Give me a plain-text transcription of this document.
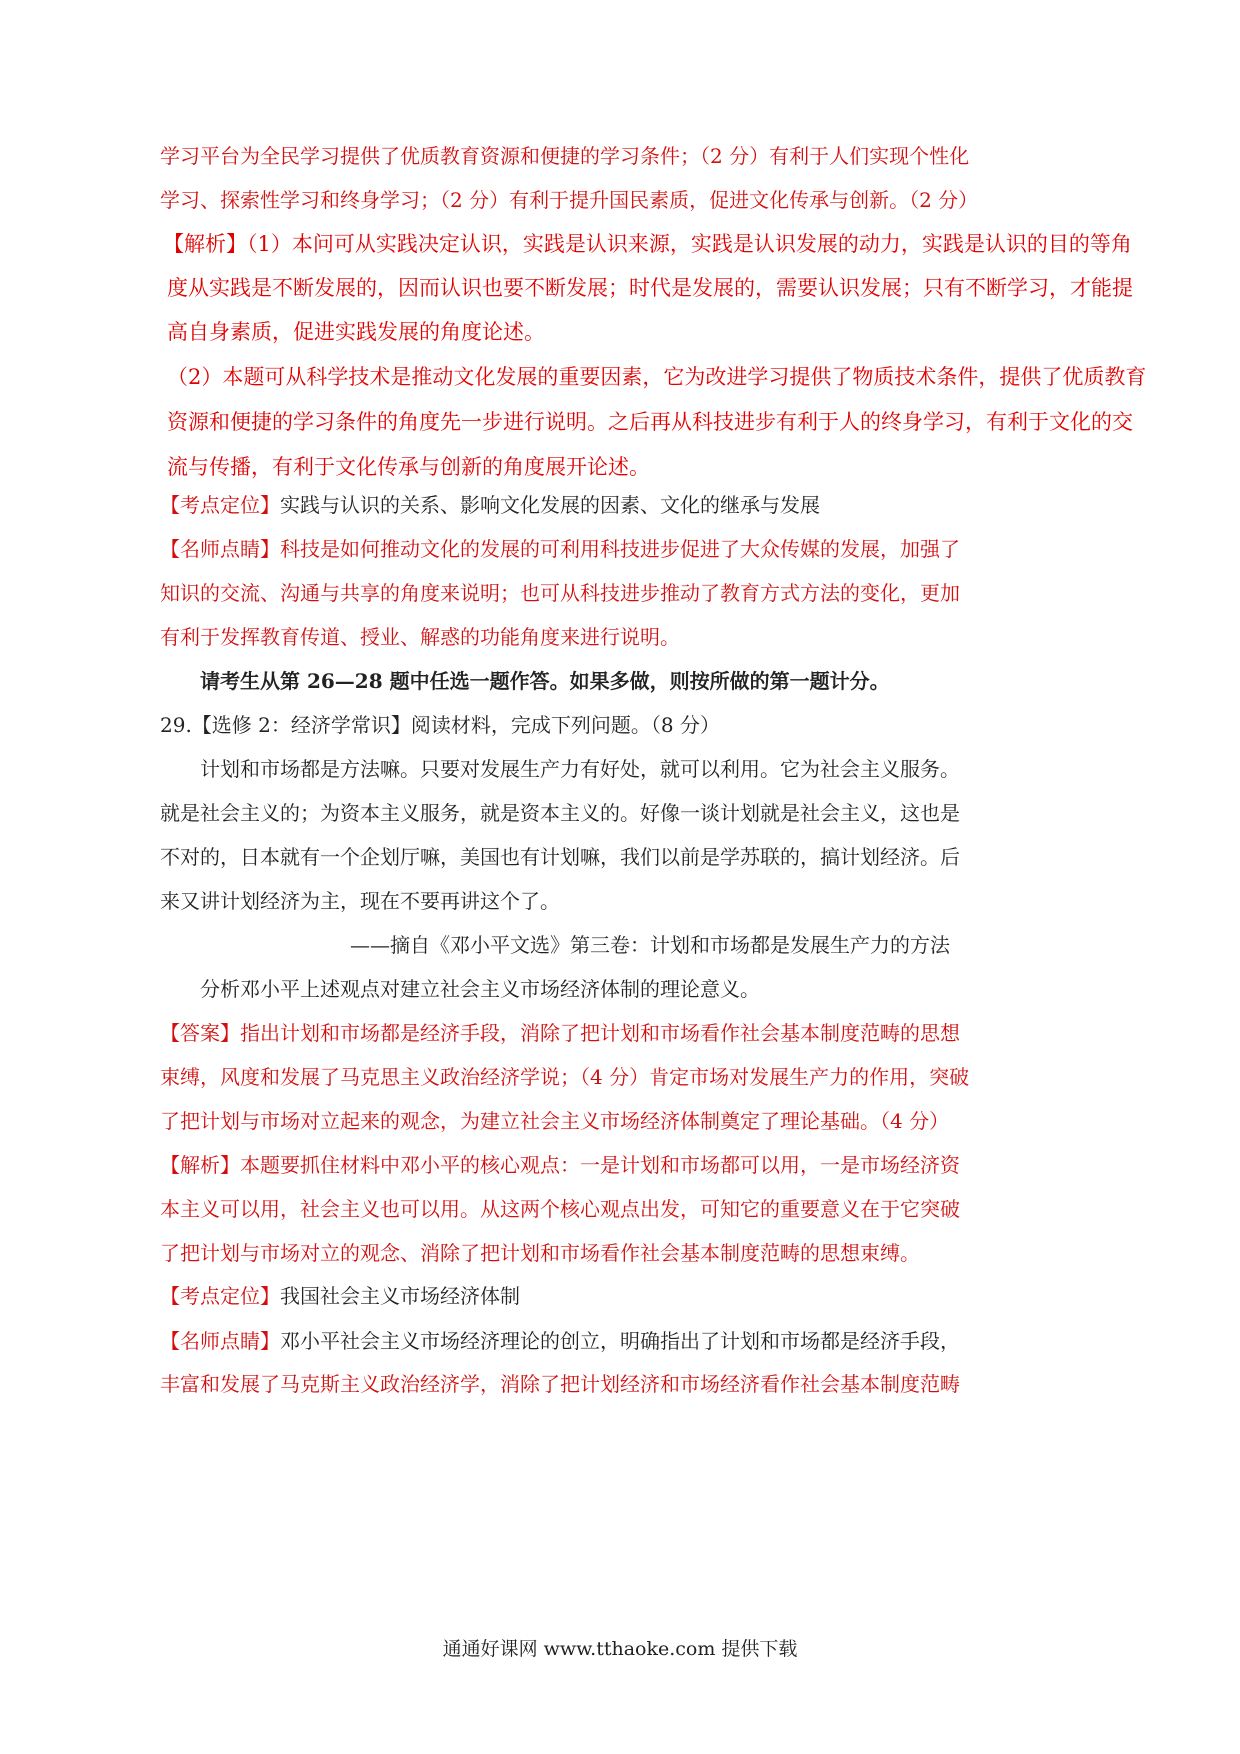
学习平台为全民学习提供了优质教育资源和便捷的学习条件；（2 分）有利于人们实现个性化

学习、探索性学习和终身学习；（2 分）有利于提升国民素质，促进文化传承与创新。（2 分）

【解析】（1）本问可从实践决定认识，实践是认识来源，实践是认识发展的动力，实践是认识的目的等角

度从实践是不断发展的，因而认识也要不断发展；时代是发展的，需要认识发展；只有不断学习，才能提

高自身素质，促进实践发展的角度论述。

（2）本题可从科学技术是推动文化发展的重要因素，它为改进学习提供了物质技术条件，提供了优质教育

资源和便捷的学习条件的角度先一步进行说明。之后再从科技进步有利于人的终身学习，有利于文化的交

流与传播，有利于文化传承与创新的角度展开论述。

【考点定位】实践与认识的关系、影响文化发展的因素、文化的继承与发展

【名师点睛】科技是如何推动文化的发展的可利用科技进步促进了大众传媒的发展，加强了

知识的交流、沟通与共享的角度来说明；也可从科技进步推动了教育方式方法的变化，更加

有利于发挥教育传道、授业、解惑的功能角度来进行说明。

请考生从第 26—28 题中任选一题作答。如果多做，则按所做的第一题计分。

29.【选修 2：经济学常识】阅读材料，完成下列问题。（8 分）

计划和市场都是方法嘛。只要对发展生产力有好处，就可以利用。它为社会主义服务。

就是社会主义的；为资本主义服务，就是资本主义的。好像一谈计划就是社会主义，这也是

不对的，日本就有一个企划厅嘛，美国也有计划嘛，我们以前是学苏联的，搞计划经济。后

来又讲计划经济为主，现在不要再讲这个了。

——摘自《邓小平文选》第三卷：计划和市场都是发展生产力的方法

分析邓小平上述观点对建立社会主义市场经济体制的理论意义。

【答案】指出计划和市场都是经济手段，消除了把计划和市场看作社会基本制度范畴的思想

束缚，风度和发展了马克思主义政治经济学说；（4 分）肯定市场对发展生产力的作用，突破

了把计划与市场对立起来的观念，为建立社会主义市场经济体制奠定了理论基础。（4 分）

【解析】本题要抓住材料中邓小平的核心观点：一是计划和市场都可以用，一是市场经济资

本主义可以用，社会主义也可以用。从这两个核心观点出发，可知它的重要意义在于它突破

了把计划与市场对立的观念、消除了把计划和市场看作社会基本制度范畴的思想束缚。

【考点定位】我国社会主义市场经济体制

【名师点睛】邓小平社会主义市场经济理论的创立，明确指出了计划和市场都是经济手段，

丰富和发展了马克斯主义政治经济学，消除了把计划经济和市场经济看作社会基本制度范畴

通通好课网 www.tthaoke.com 提供下载
